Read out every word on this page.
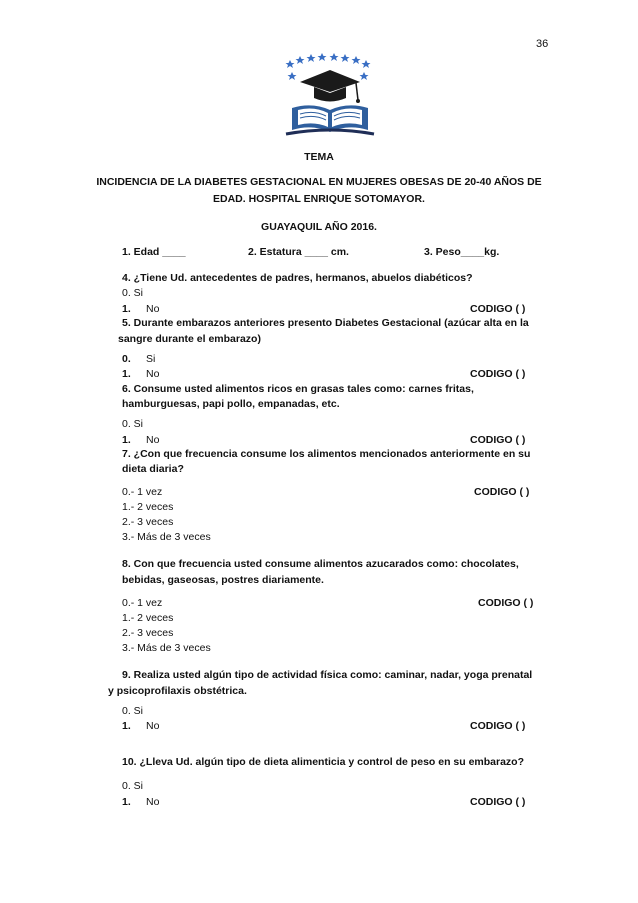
36
TEMA
INCIDENCIA DE LA DIABETES GESTACIONAL EN MUJERES OBESAS DE 20-40 AÑOS DE
EDAD. HOSPITAL ENRIQUE SOTOMAYOR.
GUAYAQUIL AÑO 2016.
1. Edad ____	2. Estatura ____ cm.	3. Peso____kg.
4. ¿Tiene Ud. antecedentes de padres, hermanos, abuelos diabéticos?
0. Si
1. No	CODIGO ( )
5. Durante embarazos anteriores presento Diabetes Gestacional (azúcar alta en la
sangre durante el embarazo)
0. Si
1. No	CODIGO ( )
6. Consume usted alimentos ricos en grasas tales como: carnes fritas,
hamburguesas, papi pollo, empanadas, etc.
0. Si
1. No	CODIGO ( )
7. ¿Con que frecuencia consume los alimentos mencionados anteriormente en su
dieta diaria?
0.- 1 vez	CODIGO ( )
1.- 2 veces
2.- 3 veces
3.- Más de 3 veces
8. Con que frecuencia usted consume alimentos azucarados como: chocolates,
bebidas, gaseosas, postres diariamente.
0.- 1 vez	CODIGO ( )
1.- 2 veces
2.- 3 veces
3.- Más de 3 veces
9. Realiza usted algún tipo de actividad física como: caminar, nadar, yoga prenatal
y psicoprofilaxis obstétrica.
0. Si
1. No	CODIGO ( )
10. ¿Lleva Ud. algún tipo de dieta alimenticia y control de peso en su embarazo?
0. Si
1. No	CODIGO ( )
